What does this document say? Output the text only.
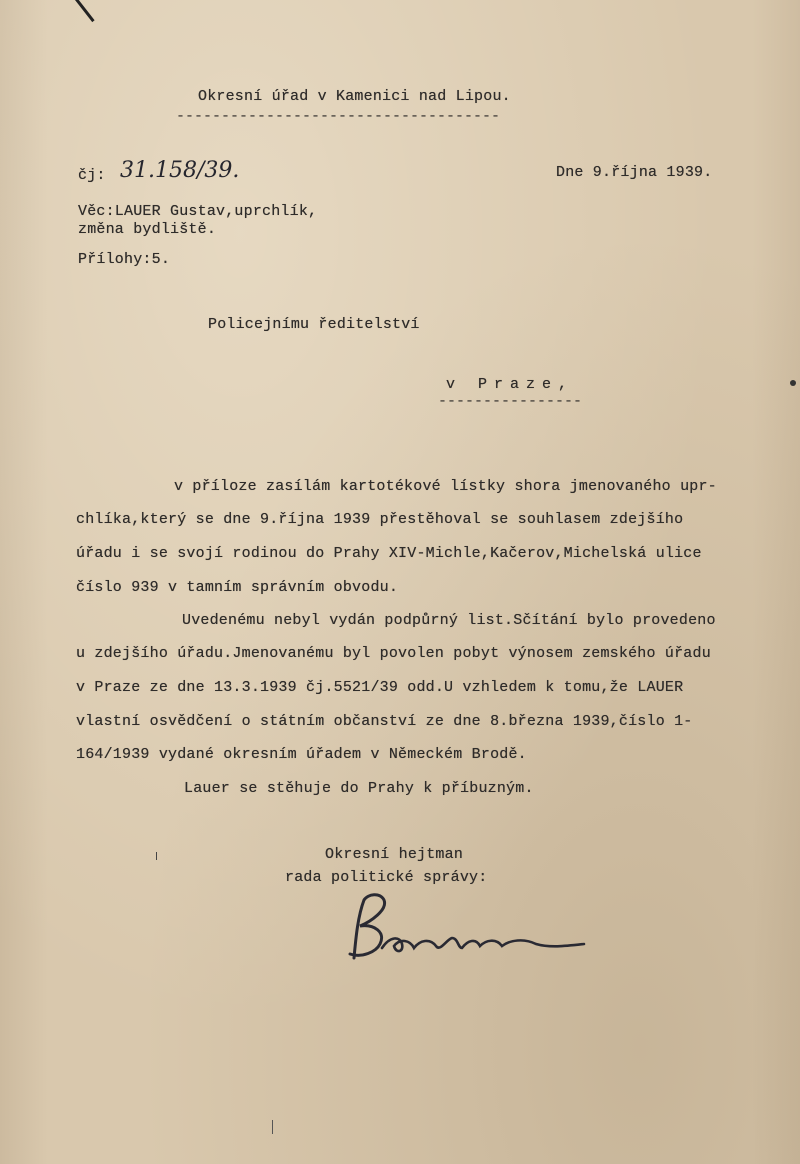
Okresní úřad v Kamenici nad Lipou.
------------------------------------
čj: 31.158/39.	Dne 9.října 1939.
Věc:LAUER Gustav,uprchlík,
změna bydliště.
Přílohy:5.
Policejnímu ředitelství
v Praze,
----------------
v příloze zasílám kartotékové lístky shora jmenovaného upr-
chlíka,který se dne 9.října 1939 přestěhoval se souhlasem zdejšího
úřadu i se svojí rodinou do Prahy XIV-Michle,Kačerov,Michelská ulice
číslo 939 v tamním správním obvodu.
Uvedenému nebyl vydán podpůrný list.Sčítání bylo provedeno
u zdejšího úřadu.Jmenovanému byl povolen pobyt výnosem zemského úřadu
v Praze ze dne 13.3.1939 čj.5521/39 odd.U vzhledem k tomu,že LAUER
vlastní osvědčení o státním občanství ze dne 8.března 1939,číslo 1-
164/1939 vydané okresním úřadem v Německém Brodě.
Lauer se stěhuje do Prahy k příbuzným.
Okresní hejtman
rada politické správy:
